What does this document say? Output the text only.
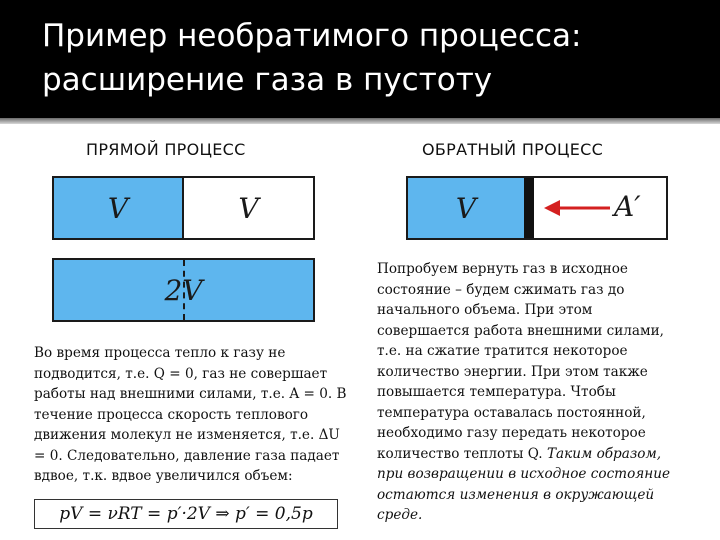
Пример необратимого процесса:
расширение газа в пустоту
ПРЯМОЙ ПРОЦЕСС
V	V
2V

Во время процесса тепло к газу не подводится, т.е. Q = 0, газ не совершает работы над внешними силами, т.е. A = 0. В течение процесса скорость теплового движения молекул не изменяется, т.е. ΔU = 0. Следовательно, давление газа падает вдвое, т.к. вдвое увеличился объем:

pV = νRT = p′·2V ⇒ p′ = 0,5p
ОБРАТНЫЙ ПРОЦЕСС
V	A′

Попробуем вернуть газ в исходное состояние – будем сжимать газ до начального объема. При этом совершается работа внешними силами, т.е. на сжатие тратится некоторое количество энергии. При этом также повышается температура. Чтобы температура оставалась постоянной, необходимо газу передать некоторое количество теплоты Q. Таким образом, при возвращении в исходное состояние остаются изменения в окружающей среде.
